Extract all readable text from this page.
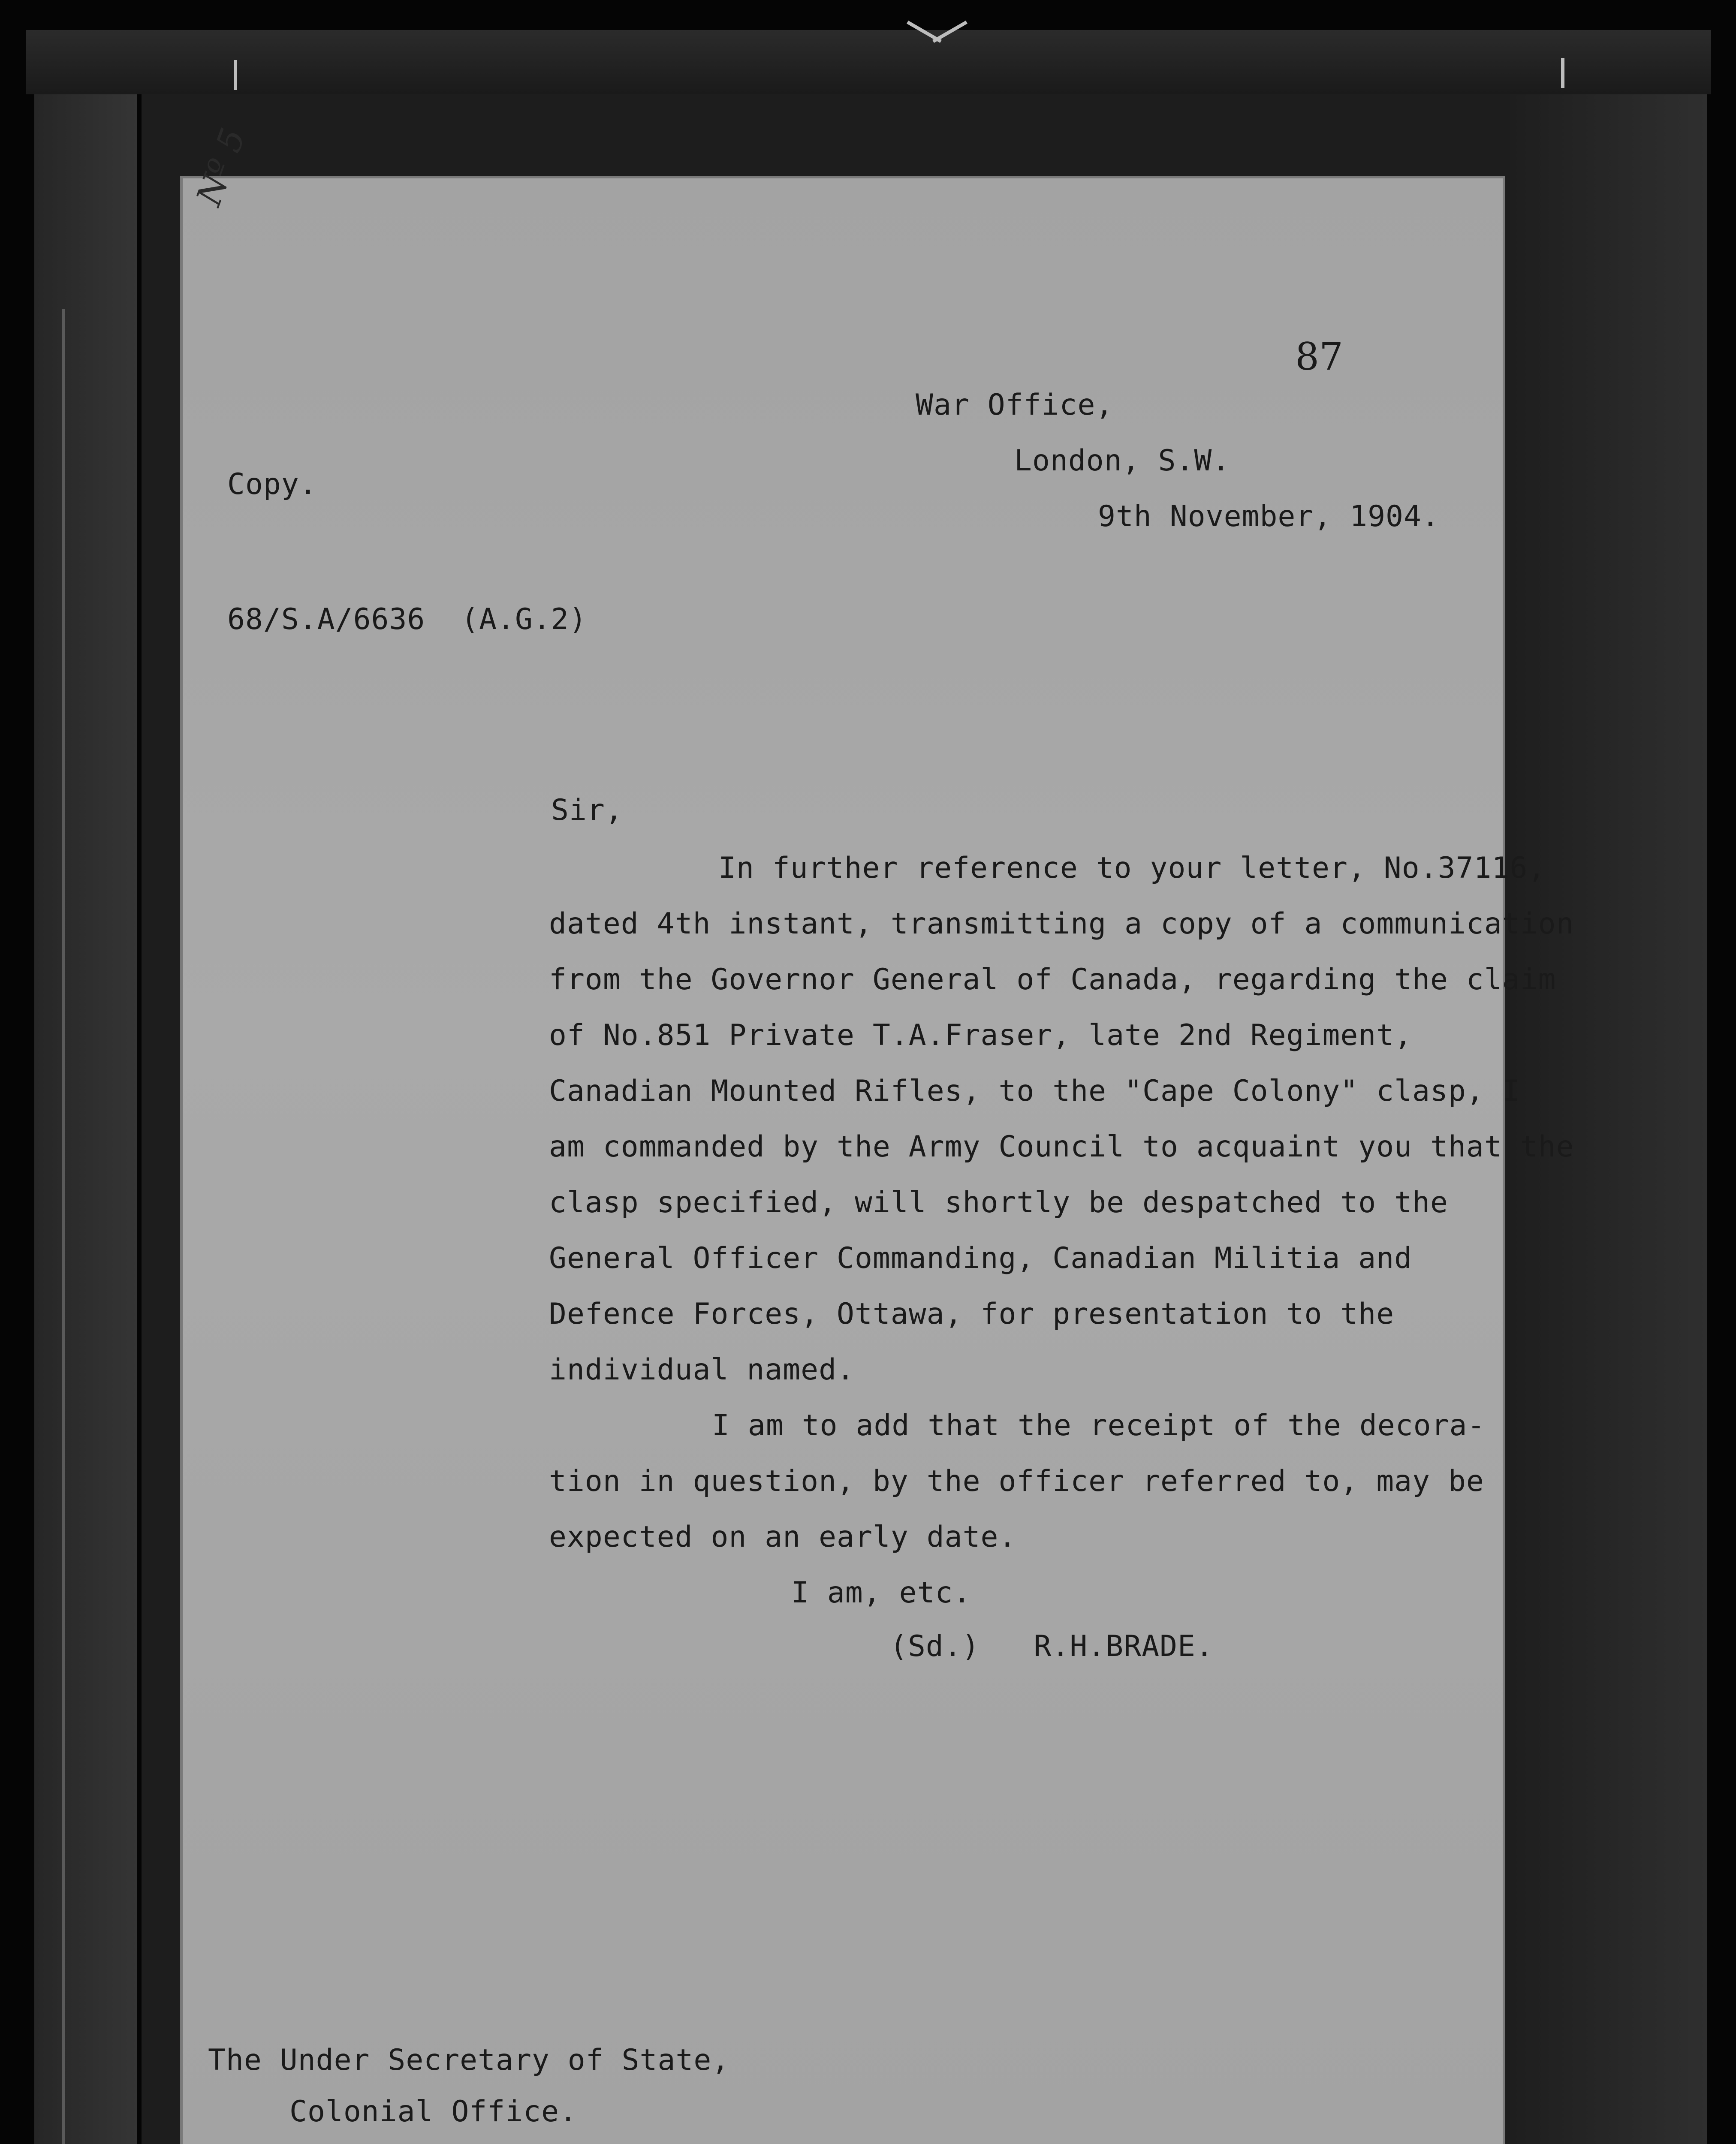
Nº 5
87
War Office,
London, S.W.
9th November, 1904.
Copy.
68/S.A/6636  (A.G.2)
Sir,
In further reference to your letter, No.37116,
dated 4th instant, transmitting a copy of a communication
from the Governor General of Canada, regarding the claim
of No.851 Private T.A.Fraser, late 2nd Regiment,
Canadian Mounted Rifles, to the "Cape Colony" clasp, I
am commanded by the Army Council to acquaint you that the
clasp specified, will shortly be despatched to the
General Officer Commanding, Canadian Militia and
Defence Forces, Ottawa, for presentation to the
individual named.
I am to add that the receipt of the decora-
tion in question, by the officer referred to, may be
expected on an early date.
I am, etc.
(Sd.)   R.H.BRADE.
The Under Secretary of State,
Colonial Office.
